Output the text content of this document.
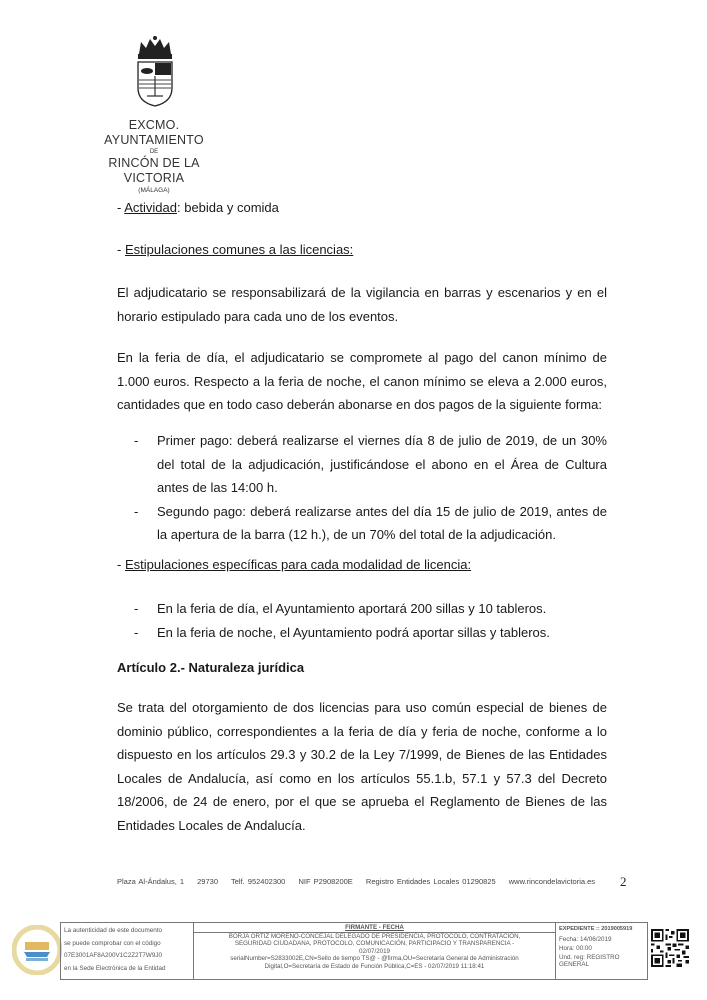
EXCMO. AYUNTAMIENTO
DE
RINCÓN DE LA VICTORIA
(MÁLAGA)
- Actividad: bebida y comida
- Estipulaciones comunes a las licencias:
El adjudicatario se responsabilizará de la vigilancia en barras y escenarios y en el horario estipulado para cada uno de los eventos.
En la feria de día, el adjudicatario se compromete al pago del canon mínimo de 1.000 euros. Respecto a la feria de noche, el canon mínimo se eleva a 2.000 euros, cantidades que en todo caso deberán abonarse en dos pagos de la siguiente forma:
- Primer pago: deberá realizarse el viernes día 8 de julio de 2019, de un 30% del total de la adjudicación, justificándose el abono en el Área de Cultura antes de las 14:00 h.
- Segundo pago: deberá realizarse antes del día 15 de julio de 2019, antes de la apertura de la barra (12 h.), de un 70% del total de la adjudicación.
- Estipulaciones específicas para cada modalidad de licencia:
- En la feria de día, el Ayuntamiento aportará 200 sillas y 10 tableros.
- En la feria de noche, el Ayuntamiento podrá aportar sillas y tableros.
Artículo 2.- Naturaleza jurídica
Se trata del otorgamiento de dos licencias para uso común especial de bienes de dominio público, correspondientes a la feria de día y feria de noche, conforme a lo dispuesto en los artículos 29.3 y 30.2 de la Ley 7/1999, de Bienes de las Entidades Locales de Andalucía, así como en los artículos 55.1.b, 57.1 y 57.3 del Decreto 18/2006, de 24 de enero, por el que se aprueba el Reglamento de Bienes de las Entidades Locales de Andalucía.
Plaza Al-Ándalus, 1 29730 Telf. 952402300 NIF P2908200E Registro Entidades Locales 01290825 www.rincondelavictoria.es	2
La autenticidad de este documento
se puede comprobar con el código
07E3001AF8A200V1C2Z2T7W9J0
en la Sede Electrónica de la Entidad
FIRMANTE - FECHA
BORJA ORTIZ MORENO-CONCEJAL DELEGADO DE PRESIDENCIA, PROTOCOLO, CONTRATACIÓN,
SEGURIDAD CIUDADANA, PROTOCOLO, COMUNICACIÓN, PARTICIPACIO Y TRANSPARENCIA -
02/07/2019
serialNumber=S2833002E,CN=Sello de tiempo TS@ - @firma,OU=Secretaría General de Administración
Digital,O=Secretaría de Estado de Función Pública,C=ES - 02/07/2019 11:18:41
EXPEDIENTE :: 2019005919
Fecha: 14/06/2019
Hora: 00:00
Und. reg: REGISTRO GENERAL
